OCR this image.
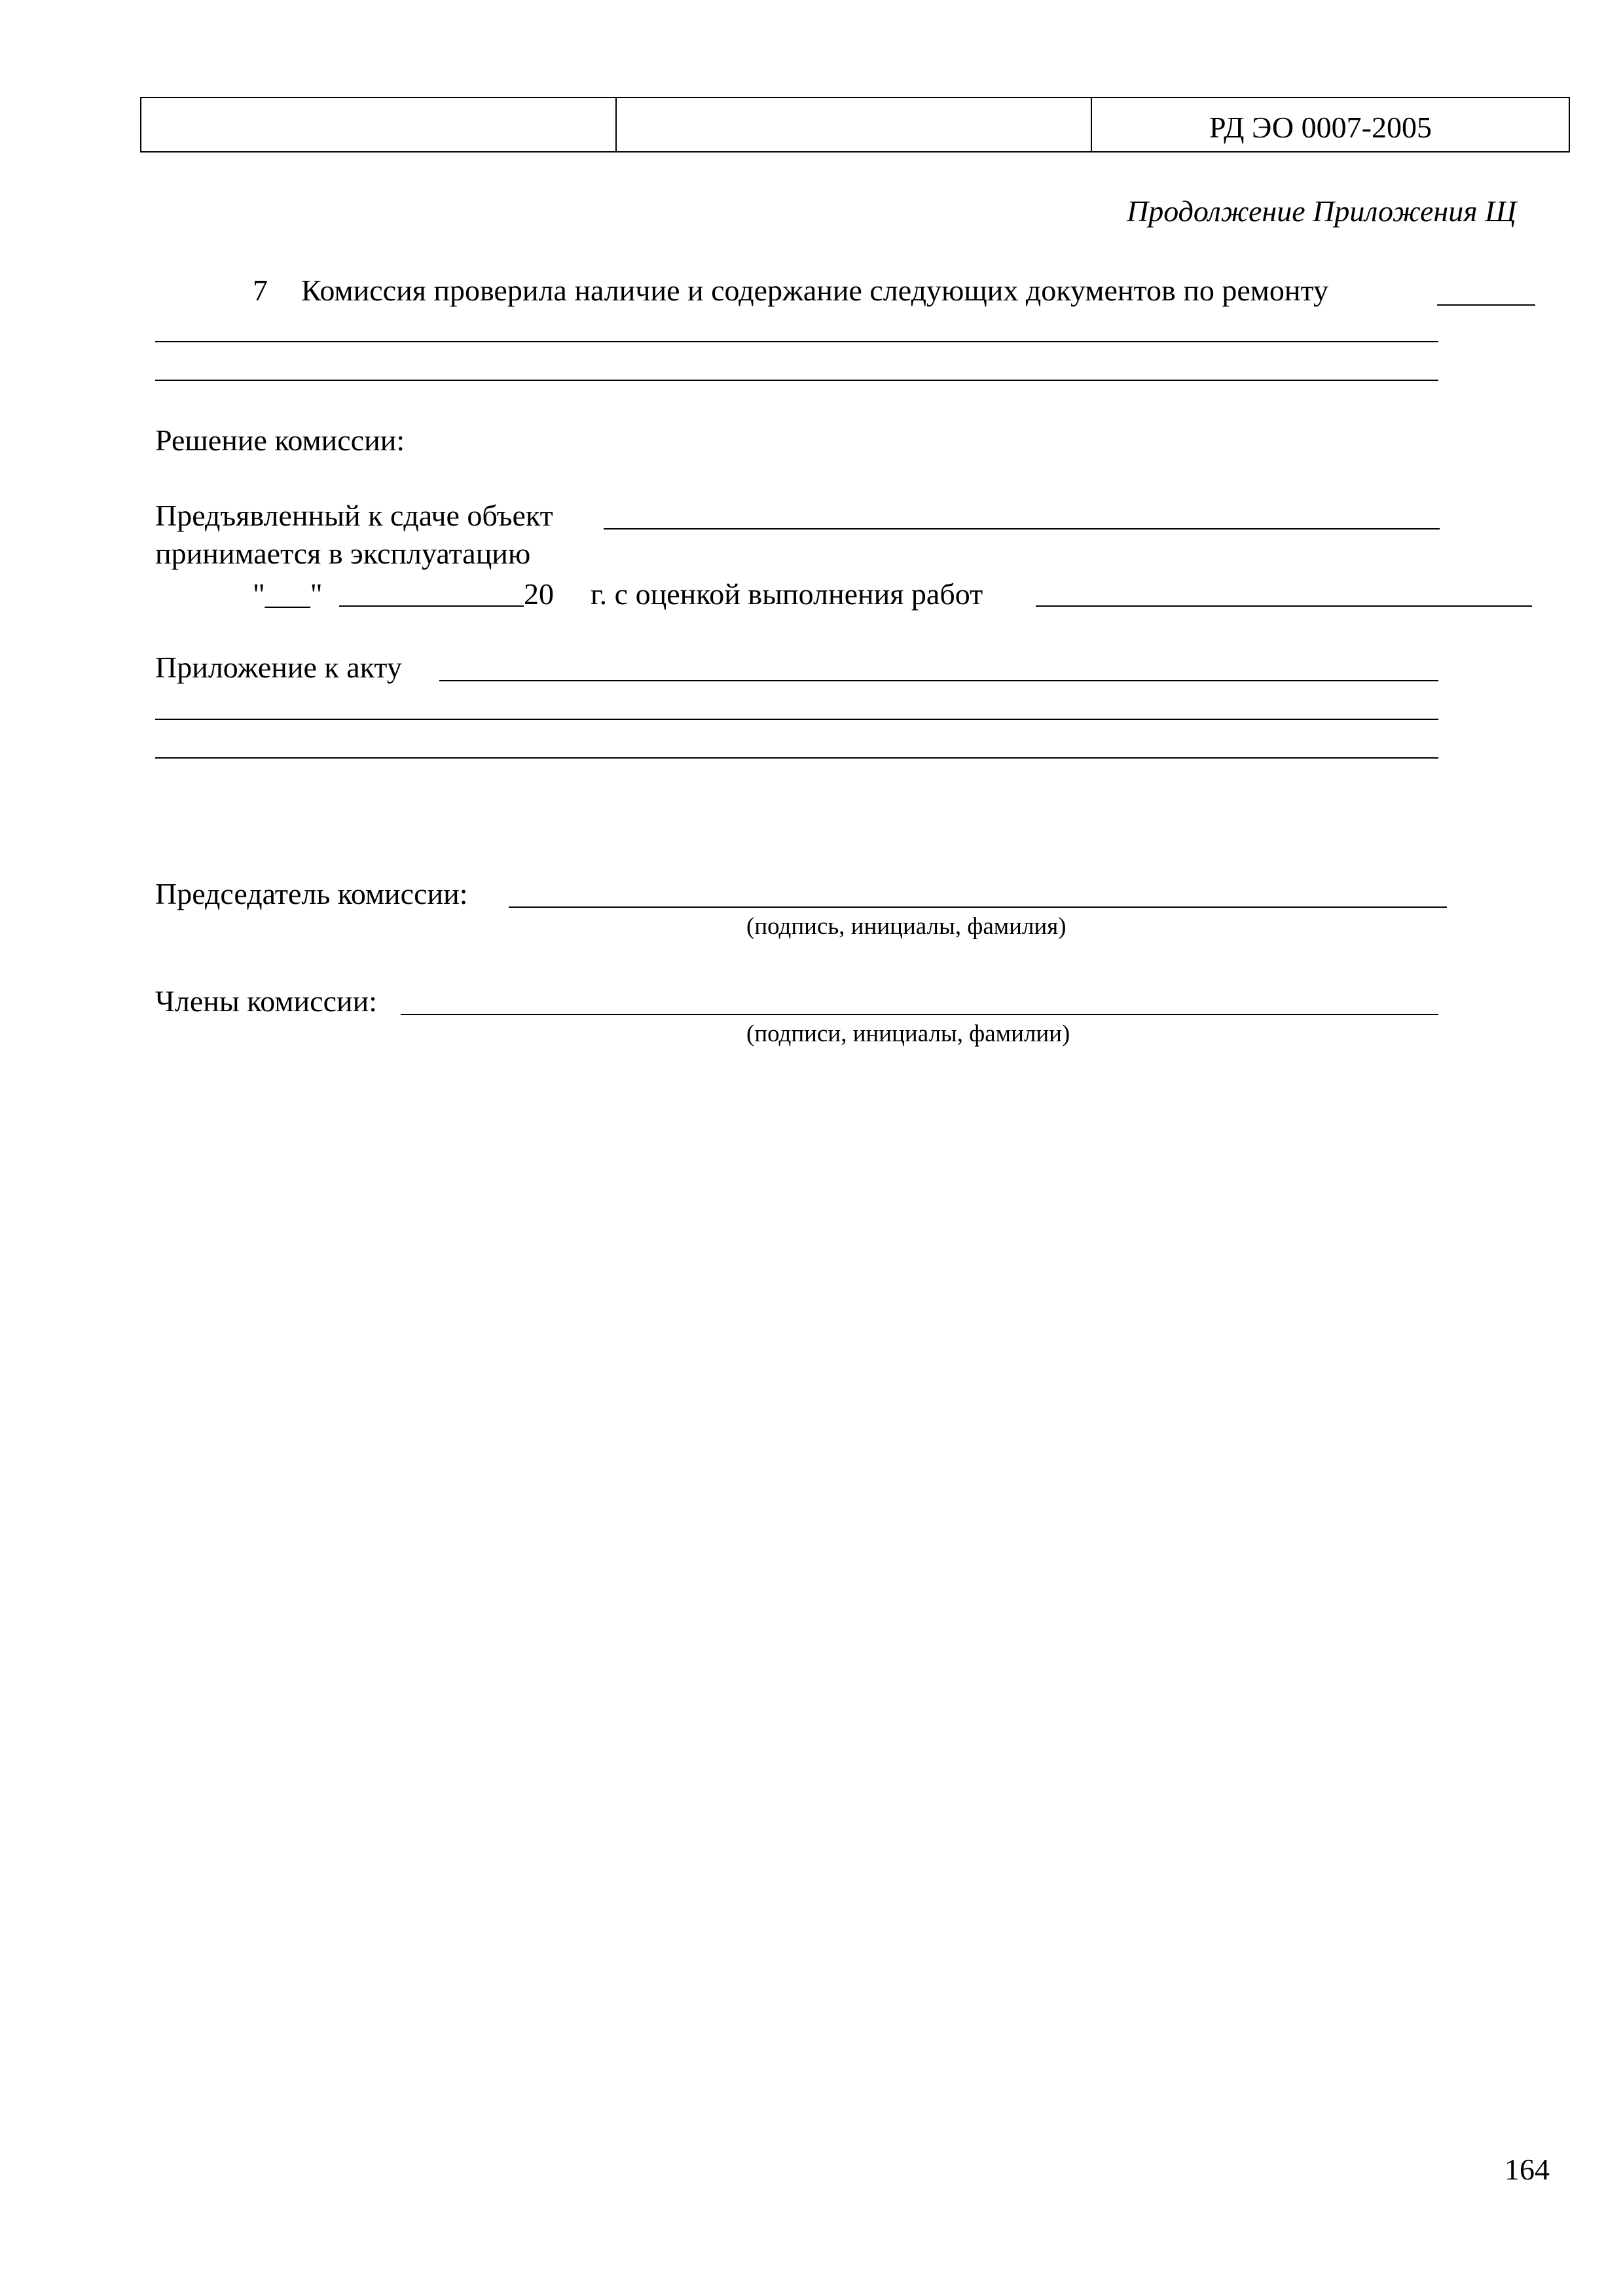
РД ЭО 0007-2005
Продолжение Приложения Щ
7 Комиссия проверила наличие и содержание следующих документов по ремонту
Решение комиссии:
Предъявленный к сдаче объект
принимается в эксплуатацию
"___"	20 г. с оценкой выполнения работ
Приложение к акту
Председатель комиссии:
(подпись, инициалы, фамилия)
Члены комиссии:
(подписи, инициалы, фамилии)
164
